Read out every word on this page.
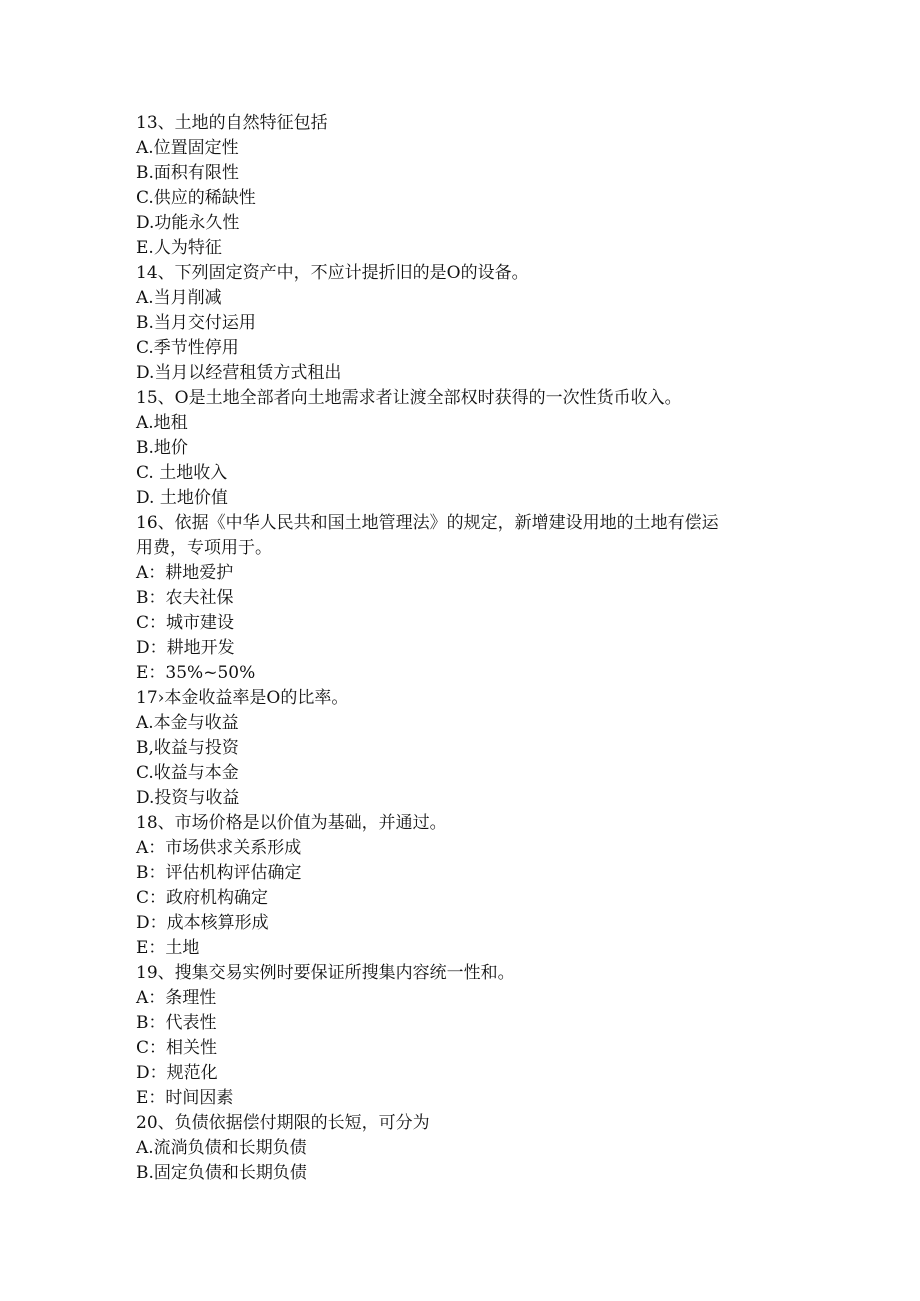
13、土地的自然特征包括
A.位置固定性
B.面积有限性
C.供应的稀缺性
D.功能永久性
E.人为特征
14、下列固定资产中，不应计提折旧的是O的设备。
A.当月削减
B.当月交付运用
C.季节性停用
D.当月以经营租赁方式租出
15、O是土地全部者向土地需求者让渡全部权时获得的一次性货币收入。
A.地租
B.地价
C. 土地收入
D. 土地价值
16、依据《中华人民共和国土地管理法》的规定，新增建设用地的土地有偿运
用费，专项用于。
A：耕地爱护
B：农夫社保
C：城市建设
D：耕地开发
E：35%~50%
17›本金收益率是O的比率。
A.本金与收益
B,收益与投资
C.收益与本金
D.投资与收益
18、市场价格是以价值为基础，并通过。
A：市场供求关系形成
B：评估机构评估确定
C：政府机构确定
D：成本核算形成
E：土地
19、搜集交易实例时要保证所搜集内容统一性和。
A：条理性
B：代表性
C：相关性
D：规范化
E：时间因素
20、负债依据偿付期限的长短，可分为
A.流淌负债和长期负债
B.固定负债和长期负债
